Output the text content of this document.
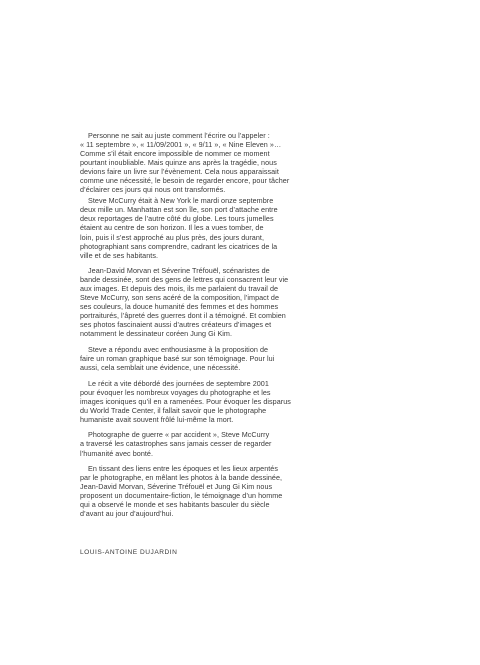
Personne ne sait au juste comment l’écrire ou l’appeler :
« 11 septembre », « 11/09/2001 », « 9/11 », « Nine Eleven »…
Comme s’il était encore impossible de nommer ce moment
pourtant inoubliable. Mais quinze ans après la tragédie, nous
devions faire un livre sur l’évènement. Cela nous apparaissait
comme une nécessité, le besoin de regarder encore, pour tâcher
d’éclairer ces jours qui nous ont transformés.

Steve McCurry était à New York le mardi onze septembre
deux mille un. Manhattan est son île, son port d’attache entre
deux reportages de l’autre côté du globe. Les tours jumelles
étaient au centre de son horizon. Il les a vues tomber, de
loin, puis il s’est approché au plus près, des jours durant,
photographiant sans comprendre, cadrant les cicatrices de la
ville et de ses habitants.

Jean-David Morvan et Séverine Tréfouël, scénaristes de
bande dessinée, sont des gens de lettres qui consacrent leur vie
aux images. Et depuis des mois, ils me parlaient du travail de
Steve McCurry, son sens acéré de la composition, l’impact de
ses couleurs, la douce humanité des femmes et des hommes
portraiturés, l’âpreté des guerres dont il a témoigné. Et combien
ses photos fascinaient aussi d’autres créateurs d’images et
notamment le dessinateur coréen Jung Gi Kim.

Steve a répondu avec enthousiasme à la proposition de
faire un roman graphique basé sur son témoignage. Pour lui
aussi, cela semblait une évidence, une nécessité.

Le récit a vite débordé des journées de septembre 2001
pour évoquer les nombreux voyages du photographe et les
images iconiques qu’il en a ramenées. Pour évoquer les disparus
du World Trade Center, il fallait savoir que le photographe
humaniste avait souvent frôlé lui-même la mort.

Photographe de guerre « par accident », Steve McCurry
a traversé les catastrophes sans jamais cesser de regarder
l’humanité avec bonté.

En tissant des liens entre les époques et les lieux arpentés
par le photographe, en mêlant les photos à la bande dessinée,
Jean-David Morvan, Séverine Tréfouël et Jung Gi Kim nous
proposent un documentaire-fiction, le témoignage d’un homme
qui a observé le monde et ses habitants basculer du siècle
d’avant au jour d’aujourd’hui.

LOUIS-ANTOINE DUJARDIN
